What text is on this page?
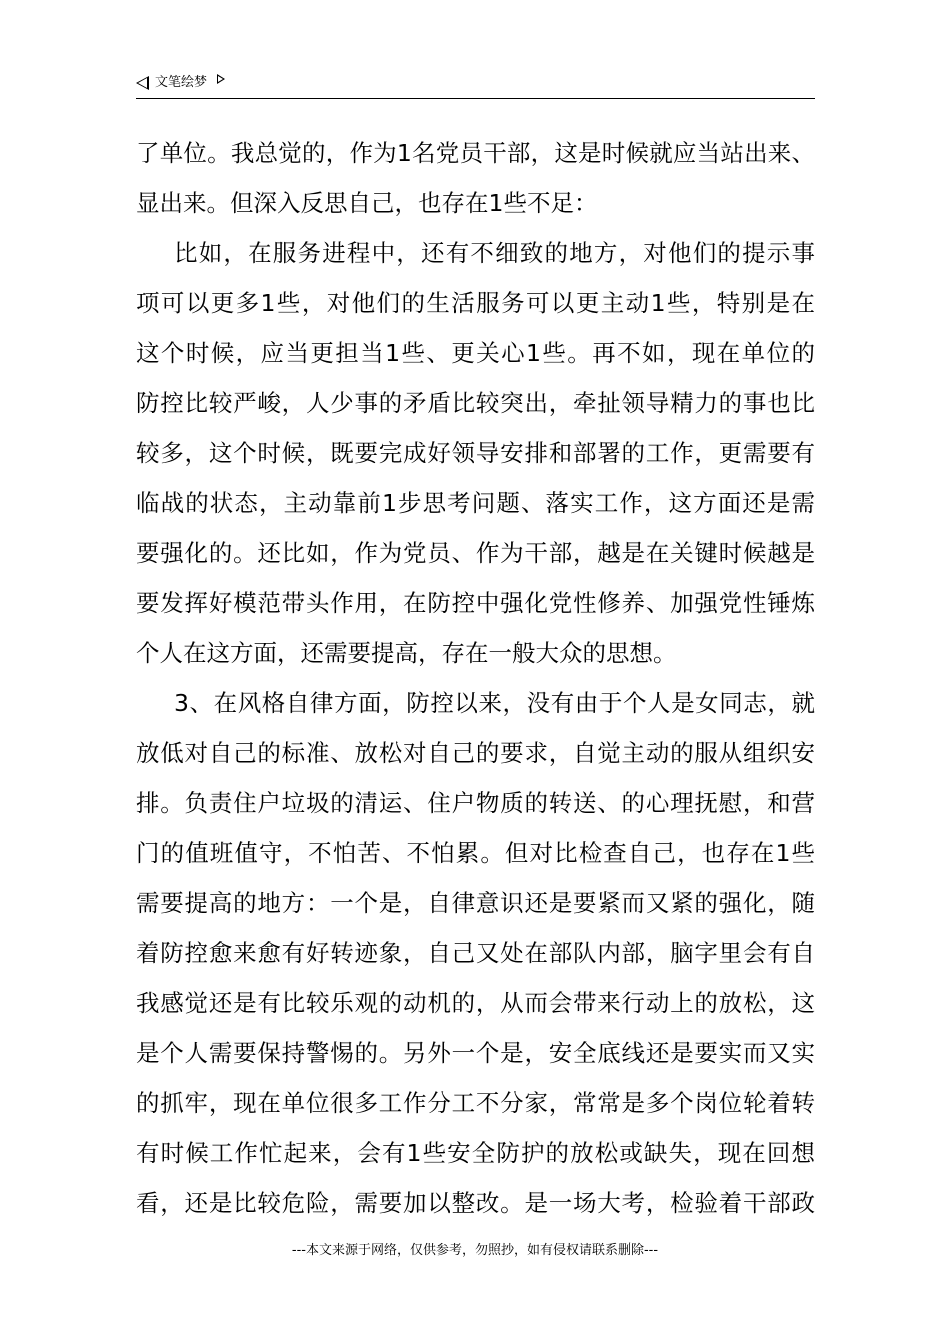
文笔绘梦
了单位。我总觉的，作为1名党员干部，这是时候就应当站出来、
显出来。但深入反思自己，也存在1些不足：
比如，在服务进程中，还有不细致的地方，对他们的提示事
项可以更多1些，对他们的生活服务可以更主动1些，特别是在
这个时候，应当更担当1些、更关心1些。再不如，现在单位的
防控比较严峻，人少事的矛盾比较突出，牵扯领导精力的事也比
较多，这个时候，既要完成好领导安排和部署的工作，更需要有
临战的状态，主动靠前1步思考问题、落实工作，这方面还是需
要强化的。还比如，作为党员、作为干部，越是在关键时候越是
要发挥好模范带头作用，在防控中强化党性修养、加强党性锤炼
个人在这方面，还需要提高，存在一般大众的思想。
3、在风格自律方面，防控以来，没有由于个人是女同志，就
放低对自己的标准、放松对自己的要求，自觉主动的服从组织安
排。负责住户垃圾的清运、住户物质的转送、的心理抚慰，和营
门的值班值守，不怕苦、不怕累。但对比检查自己，也存在1些
需要提高的地方：一个是，自律意识还是要紧而又紧的强化，随
着防控愈来愈有好转迹象，自己又处在部队内部，脑字里会有自
我感觉还是有比较乐观的动机的，从而会带来行动上的放松，这
是个人需要保持警惕的。另外一个是，安全底线还是要实而又实
的抓牢，现在单位很多工作分工不分家，常常是多个岗位轮着转
有时候工作忙起来，会有1些安全防护的放松或缺失，现在回想
看，还是比较危险，需要加以整改。是一场大考，检验着干部政
---本文来源于网络，仅供参考，勿照抄，如有侵权请联系删除---
